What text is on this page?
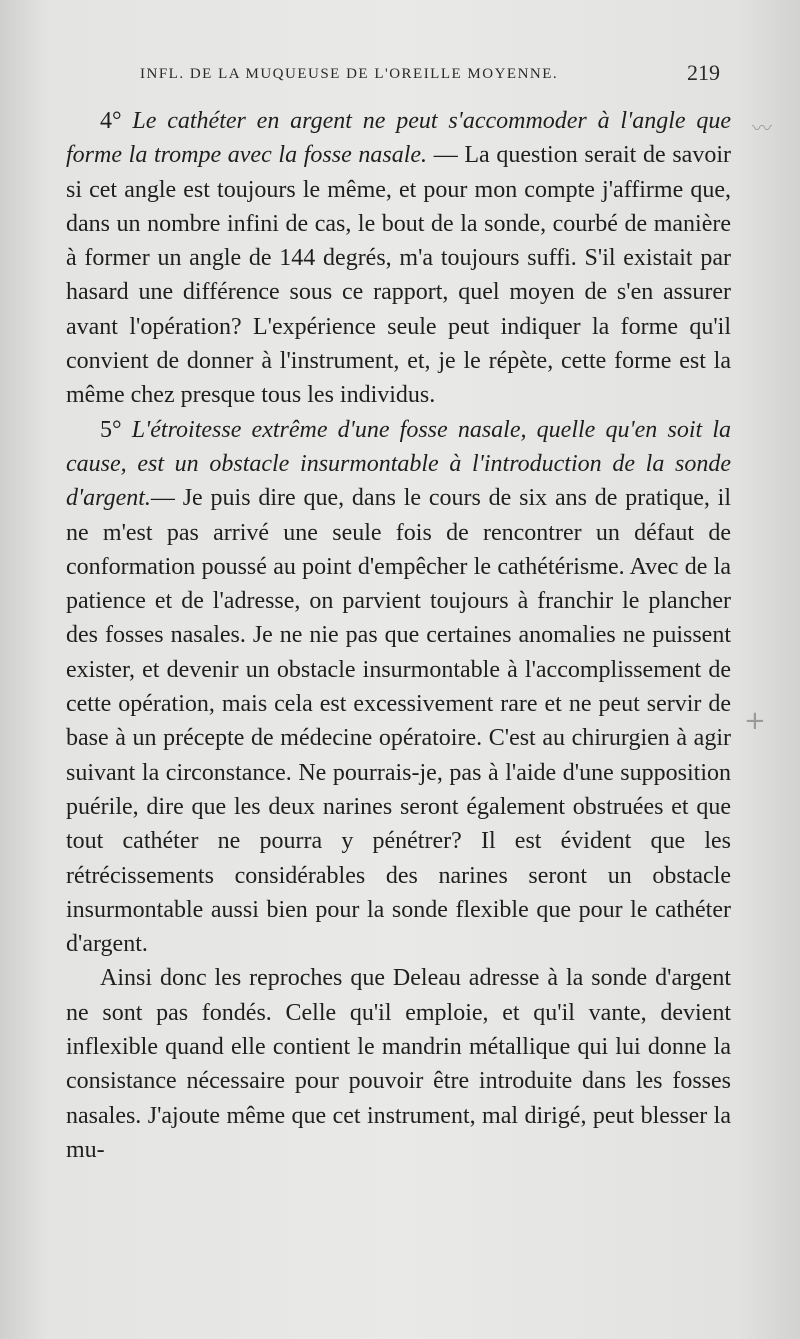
INFL. DE LA MUQUEUSE DE L'OREILLE MOYENNE.	219

4° Le cathéter en argent ne peut s'accommoder à l'angle que forme la trompe avec la fosse nasale. — La question serait de savoir si cet angle est toujours le même, et pour mon compte j'affirme que, dans un nombre infini de cas, le bout de la sonde, courbé de manière à former un angle de 144 degrés, m'a toujours suffi. S'il existait par hasard une différence sous ce rapport, quel moyen de s'en assurer avant l'opération? L'expérience seule peut indiquer la forme qu'il convient de donner à l'instrument, et, je le répète, cette forme est la même chez presque tous les individus.

5° L'étroitesse extrême d'une fosse nasale, quelle qu'en soit la cause, est un obstacle insurmontable à l'introduction de la sonde d'argent.— Je puis dire que, dans le cours de six ans de pratique, il ne m'est pas arrivé une seule fois de rencontrer un défaut de conformation poussé au point d'empêcher le cathétérisme. Avec de la patience et de l'adresse, on parvient toujours à franchir le plancher des fosses nasales. Je ne nie pas que certaines anomalies ne puissent exister, et devenir un obstacle insurmontable à l'accomplissement de cette opération, mais cela est excessivement rare et ne peut servir de base à un précepte de médecine opératoire. C'est au chirurgien à agir suivant la circonstance. Ne pourrais-je, pas à l'aide d'une supposition puérile, dire que les deux narines seront également obstruées et que tout cathéter ne pourra y pénétrer? Il est évident que les rétrécissements considérables des narines seront un obstacle insurmontable aussi bien pour la sonde flexible que pour le cathéter d'argent.

Ainsi donc les reproches que Deleau adresse à la sonde d'argent ne sont pas fondés. Celle qu'il emploie, et qu'il vante, devient inflexible quand elle contient le mandrin métallique qui lui donne la consistance nécessaire pour pouvoir être introduite dans les fosses nasales. J'ajoute même que cet instrument, mal dirigé, peut blesser la mu-

〰
+
